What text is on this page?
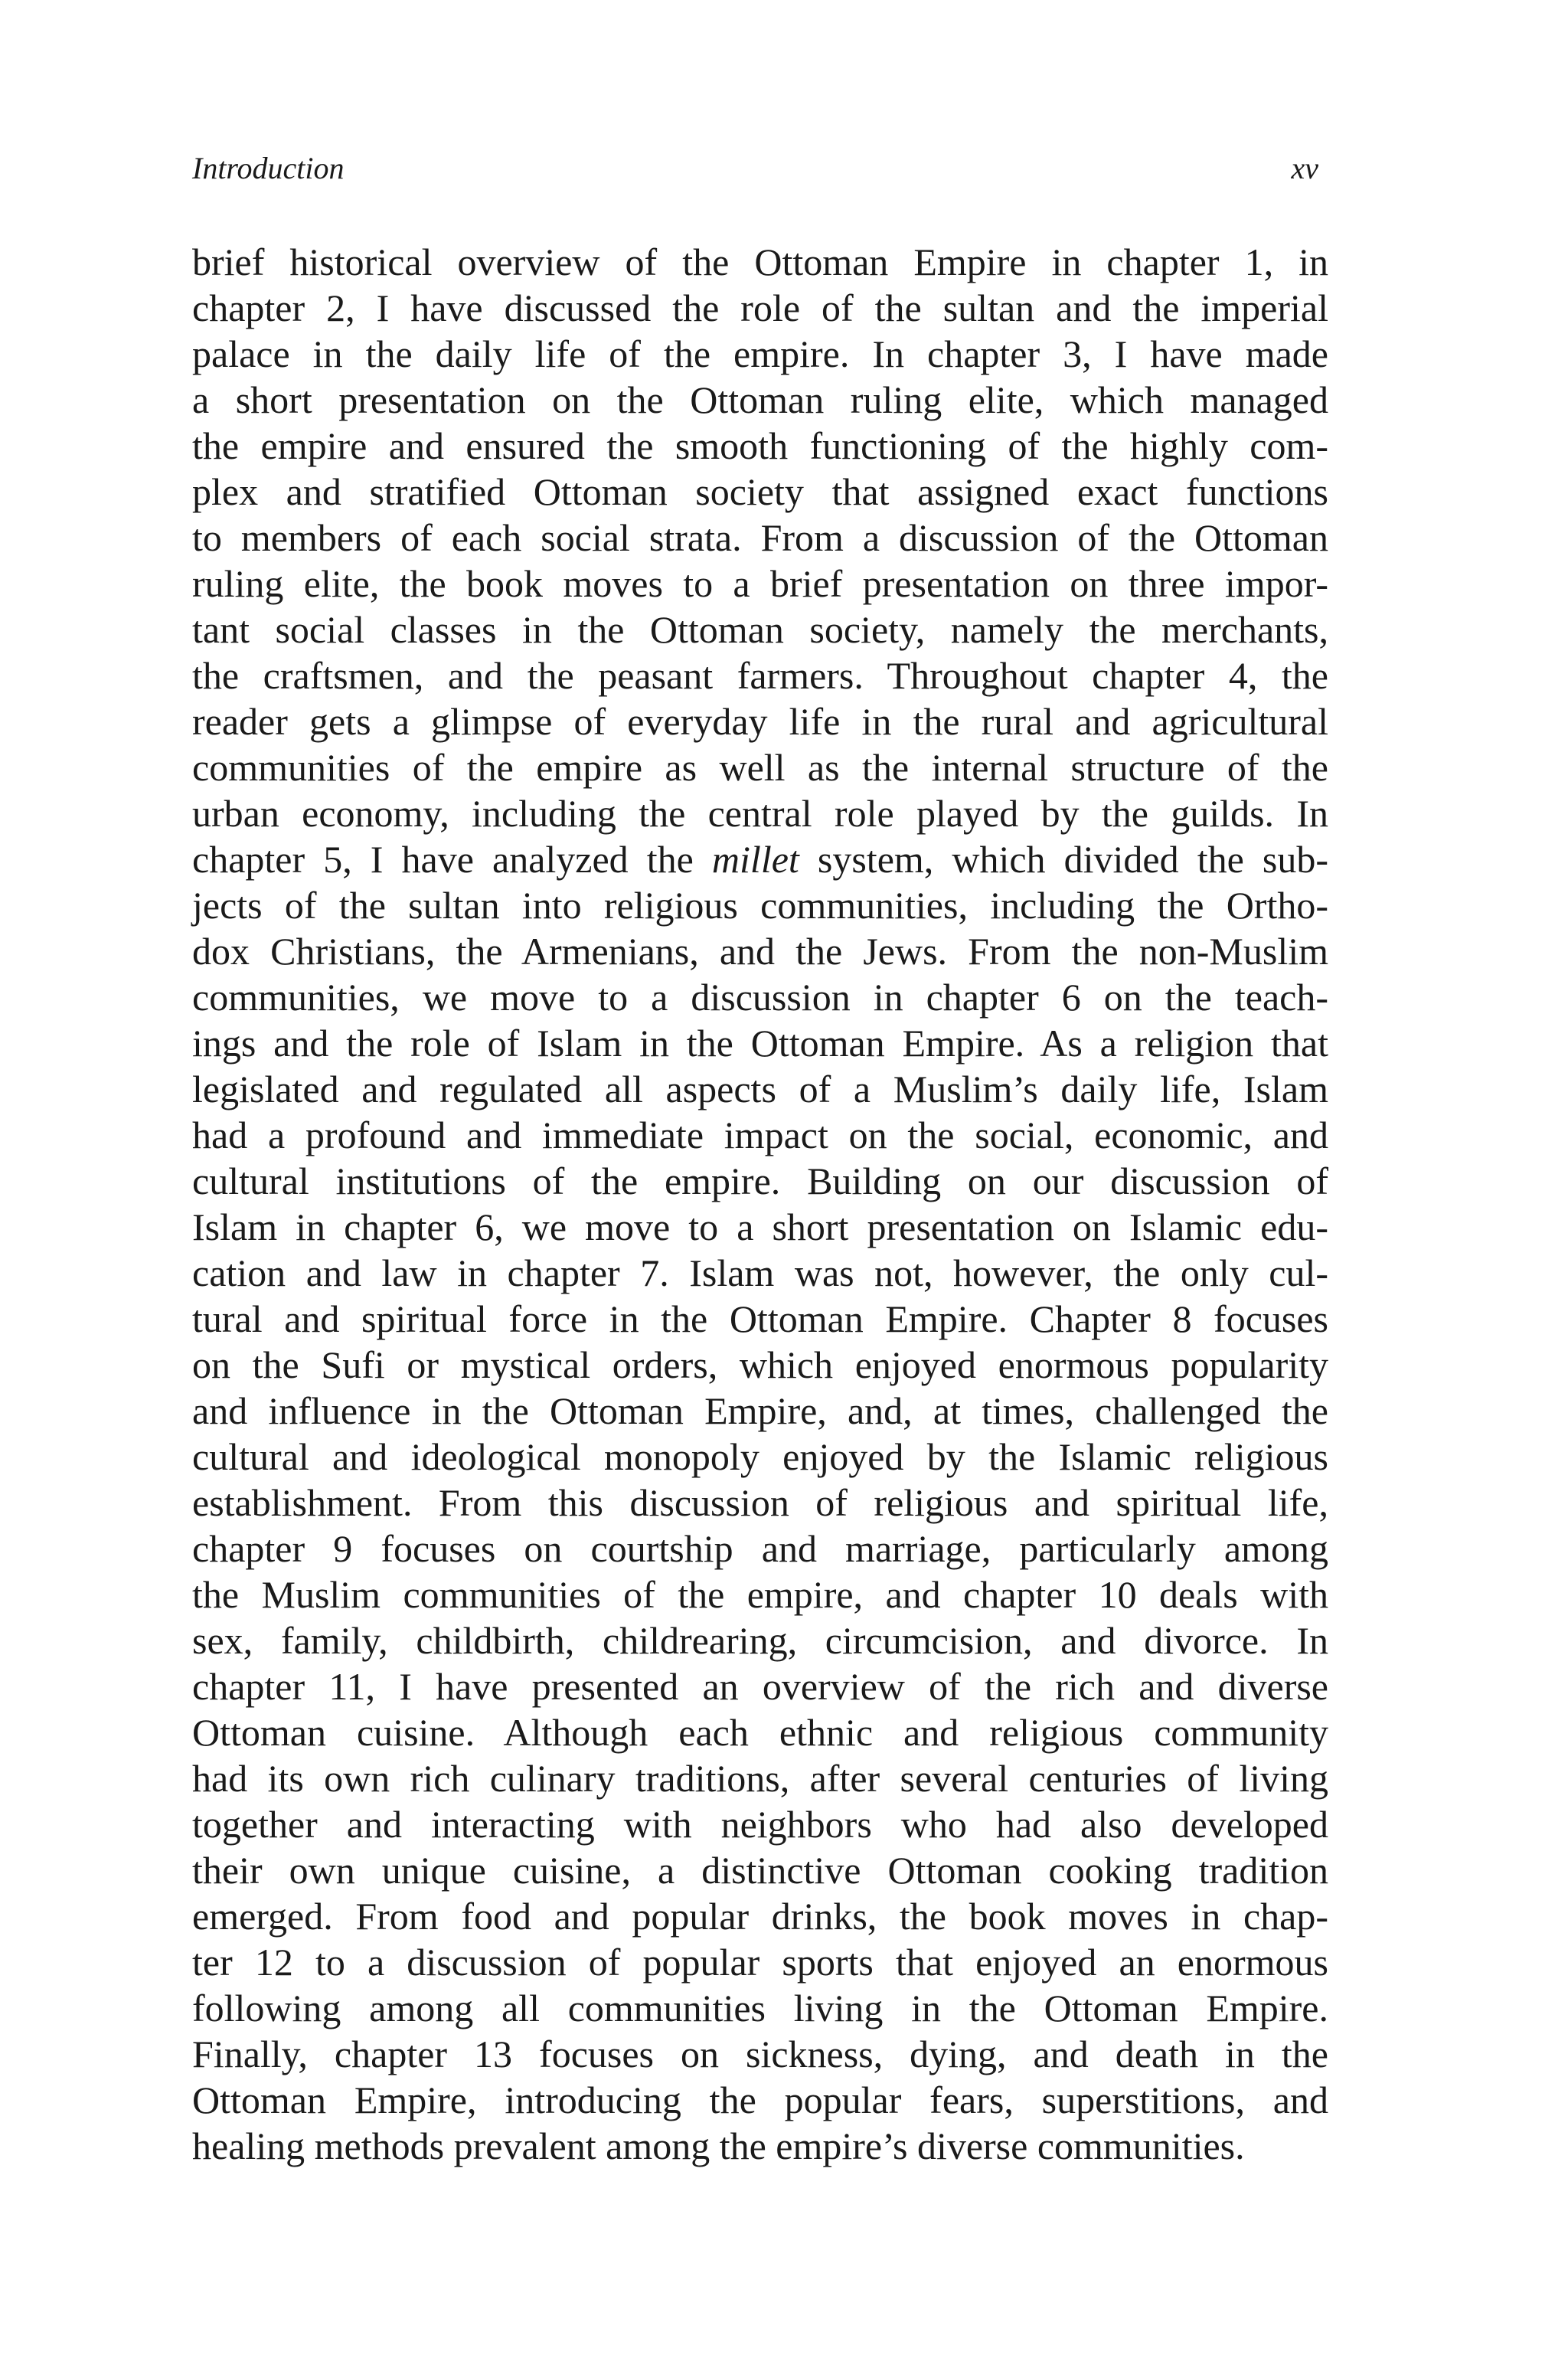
Introduction	xv
brief historical overview of the Ottoman Empire in chapter 1, in
chapter 2, I have discussed the role of the sultan and the imperial
palace in the daily life of the empire. In chapter 3, I have made
a short presentation on the Ottoman ruling elite, which managed
the empire and ensured the smooth functioning of the highly com-
plex and stratified Ottoman society that assigned exact functions
to members of each social strata. From a discussion of the Ottoman
ruling elite, the book moves to a brief presentation on three impor-
tant social classes in the Ottoman society, namely the merchants,
the craftsmen, and the peasant farmers. Throughout chapter 4, the
reader gets a glimpse of everyday life in the rural and agricultural
communities of the empire as well as the internal structure of the
urban economy, including the central role played by the guilds. In
chapter 5, I have analyzed the millet system, which divided the sub-
jects of the sultan into religious communities, including the Ortho-
dox Christians, the Armenians, and the Jews. From the non-Muslim
communities, we move to a discussion in chapter 6 on the teach-
ings and the role of Islam in the Ottoman Empire. As a religion that
legislated and regulated all aspects of a Muslim’s daily life, Islam
had a profound and immediate impact on the social, economic, and
cultural institutions of the empire. Building on our discussion of
Islam in chapter 6, we move to a short presentation on Islamic edu-
cation and law in chapter 7. Islam was not, however, the only cul-
tural and spiritual force in the Ottoman Empire. Chapter 8 focuses
on the Sufi or mystical orders, which enjoyed enormous popularity
and influence in the Ottoman Empire, and, at times, challenged the
cultural and ideological monopoly enjoyed by the Islamic religious
establishment. From this discussion of religious and spiritual life,
chapter 9 focuses on courtship and marriage, particularly among
the Muslim communities of the empire, and chapter 10 deals with
sex, family, childbirth, childrearing, circumcision, and divorce. In
chapter 11, I have presented an overview of the rich and diverse
Ottoman cuisine. Although each ethnic and religious community
had its own rich culinary traditions, after several centuries of living
together and interacting with neighbors who had also developed
their own unique cuisine, a distinctive Ottoman cooking tradition
emerged. From food and popular drinks, the book moves in chap-
ter 12 to a discussion of popular sports that enjoyed an enormous
following among all communities living in the Ottoman Empire.
Finally, chapter 13 focuses on sickness, dying, and death in the
Ottoman Empire, introducing the popular fears, superstitions, and
healing methods prevalent among the empire’s diverse communities.
